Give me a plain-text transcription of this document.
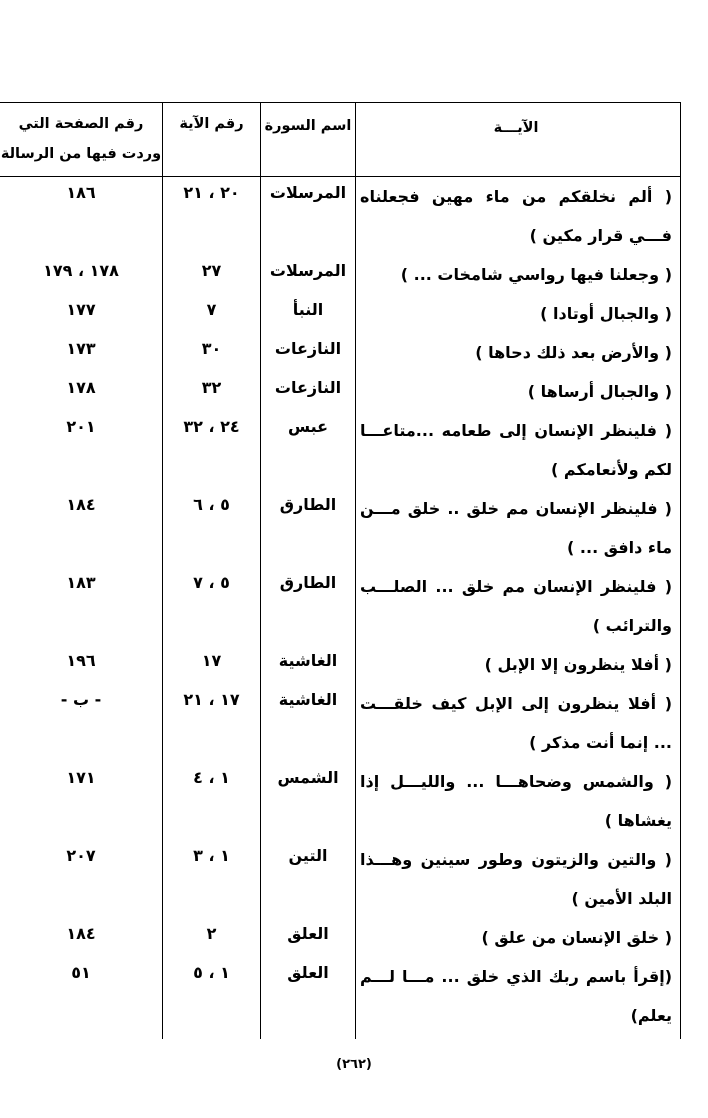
الآيـــة	اسم السورة	رقم الآية	رقم الصفحة التي وردت فيها من الرسالة

( ألم نخلقكم من ماء مهين فجعلناه فـــي قرار مكين )	المرسلات	٢٠ ، ٢١	١٨٦

( وجعلنا فيها رواسي شامخات ... )	المرسلات	٢٧	١٧٨ ، ١٧٩

( والجبال أوتادا )	النبأ	٧	١٧٧

( والأرض بعد ذلك دحاها )	النازعات	٣٠	١٧٣

( والجبال أرساها )	النازعات	٣٢	١٧٨

( فلينظر الإنسان إلى طعامه ...متاعـــا لكم ولأنعامكم )	عبس	٢٤ ، ٣٢	٢٠١

( فلينظر الإنسان مم خلق .. خلق مـــن ماء دافق ... )	الطارق	٥ ، ٦	١٨٤

( فلينظر الإنسان مم خلق ... الصلـــب والترائب )	الطارق	٥ ، ٧	١٨٣

( أفلا ينظرون إلا الإبل )	الغاشية	١٧	١٩٦

( أفلا ينظرون إلى الإبل كيف خلقـــت ... إنما أنت مذكر )	الغاشية	١٧ ، ٢١	- ب -

( والشمس وضحاهـــا ... والليـــل إذا يغشاها )	الشمس	١ ، ٤	١٧١

( والتين والزيتون وطور سينين وهـــذا البلد الأمين )	التين	١ ، ٣	٢٠٧

( خلق الإنسان من علق )	العلق	٢	١٨٤

(إقرأ باسم ربك الذي خلق ... مـــا لـــم يعلم)	العلق	١ ، ٥	٥١

(٢٦٢)
